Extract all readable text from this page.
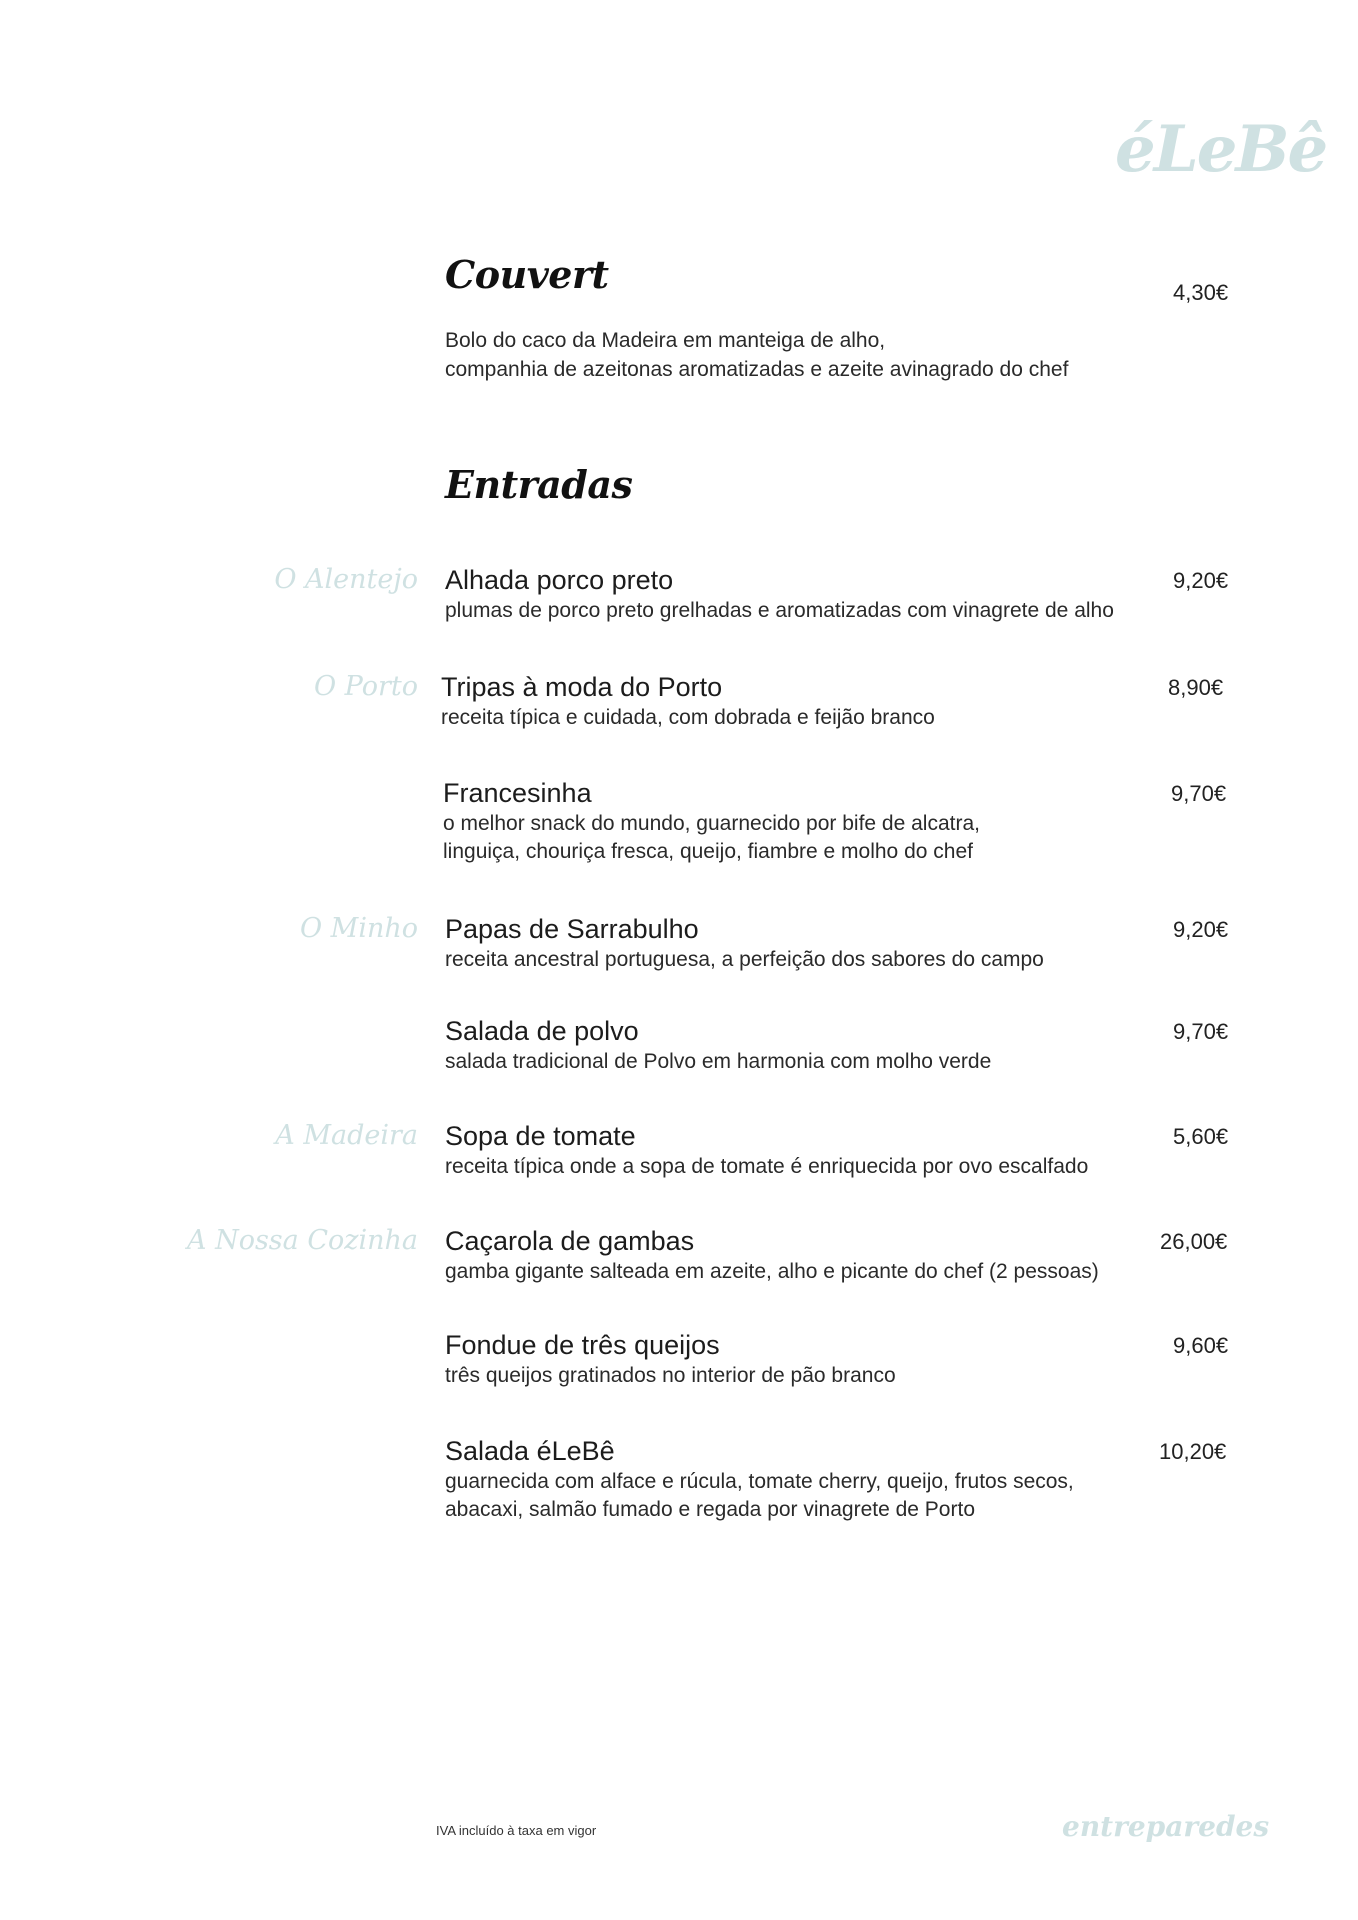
éLeBê
Couvert	4,30€
Bolo do caco da Madeira em manteiga de alho,
companhia de azeitonas aromatizadas e azeite avinagrado do chef
Entradas
O Alentejo Alhada porco preto
plumas de porco preto grelhadas e aromatizadas com vinagrete de alho
9,20€
O Porto Tripas à moda do Porto
receita típica e cuidada, com dobrada e feijão branco
8,90€
Francesinha
o melhor snack do mundo, guarnecido por bife de alcatra,
linguiça, chouriça fresca, queijo, fiambre e molho do chef
9,70€
O Minho Papas de Sarrabulho
receita ancestral portuguesa, a perfeição dos sabores do campo
9,20€
Salada de polvo
salada tradicional de Polvo em harmonia com molho verde
9,70€
A Madeira Sopa de tomate
receita típica onde a sopa de tomate é enriquecida por ovo escalfado
5,60€
A Nossa Cozinha Caçarola de gambas
gamba gigante salteada em azeite, alho e picante do chef (2 pessoas)
26,00€
Fondue de três queijos
três queijos gratinados no interior de pão branco
9,60€
Salada éLeBê
guarnecida com alface e rúcula, tomate cherry, queijo, frutos secos,
abacaxi, salmão fumado e regada por vinagrete de Porto
10,20€
IVA incluído à taxa em vigor	entreparedes
